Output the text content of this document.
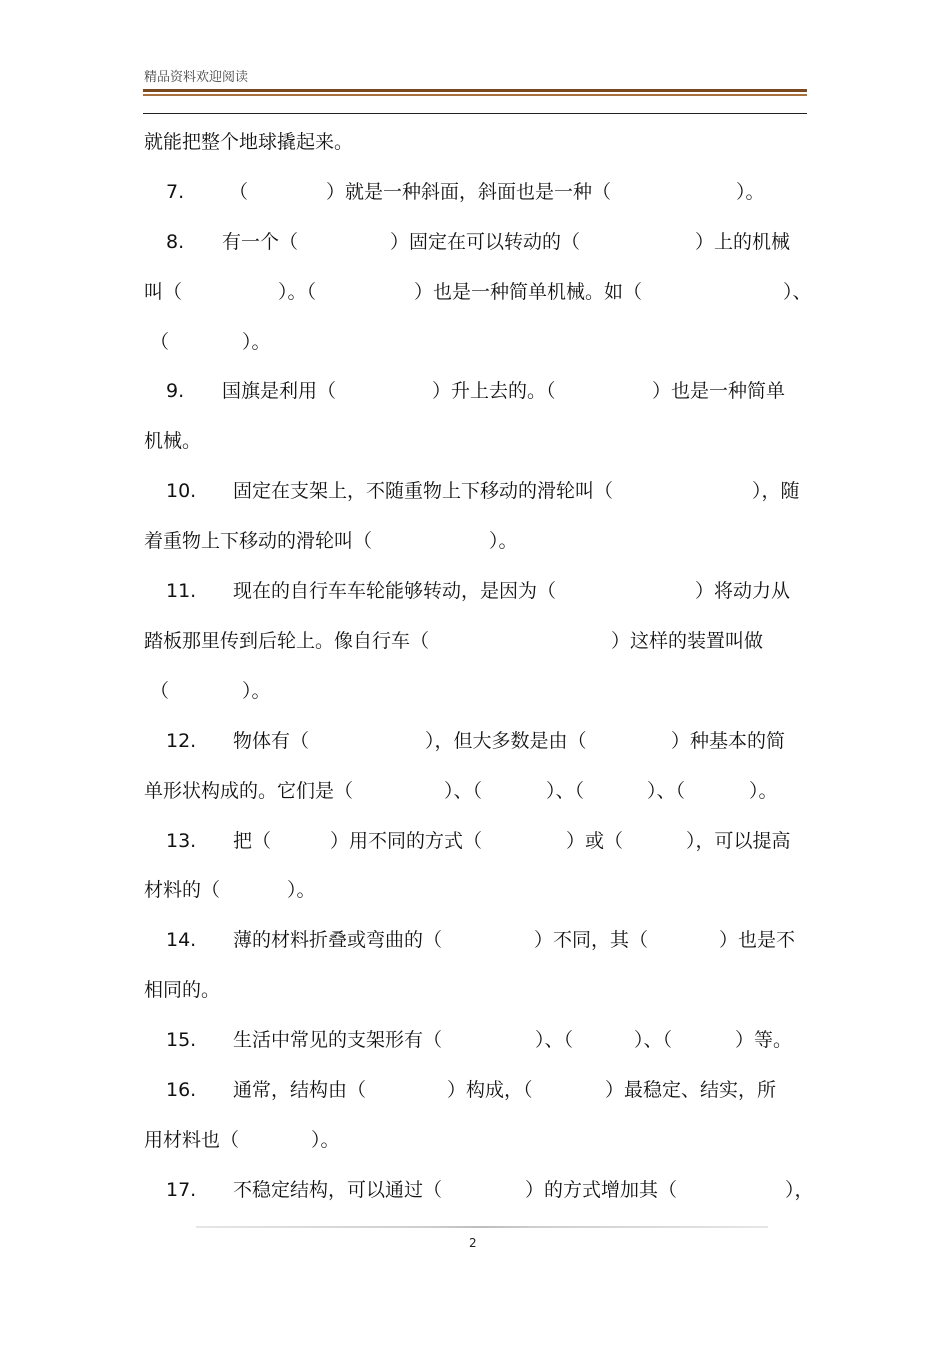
精品资料欢迎阅读

就能把整个地球撬起来。

7.

（

	）就是一种斜面，斜面也是一种（

	）。

8.

有一个（

	）固定在可以转动的（

	）上的机械

叫（

	）。（

	）也是一种简单机械。如（

	）、

（

	）。

9.

国旗是利用（

	）升上去的。（

	）也是一种简单

机械。

10.

固定在支架上，不随重物上下移动的滑轮叫（

	），随

着重物上下移动的滑轮叫（

	）。

11.

现在的自行车车轮能够转动，是因为（

	）将动力从

踏板那里传到后轮上。像自行车（

	）这样的装置叫做

（

	）。

12.

物体有（

	），但大多数是由（

	）种基本的简

单形状构成的。它们是（

	）、（

	）、（

	）、（

	）。

13.

把（

	）用不同的方式（

	）或（

	），可以提高

材料的（

	）。

14.

薄的材料折叠或弯曲的（

	）不同，其（

	）也是不

相同的。

15.

生活中常见的支架形有（

	）、（

	）、（

	）等。

16.

通常，结构由（

	）构成，（

	）最稳定、结实，所

用材料也（

	）。

17.

不稳定结构，可以通过（

	）的方式增加其（

	），

2
